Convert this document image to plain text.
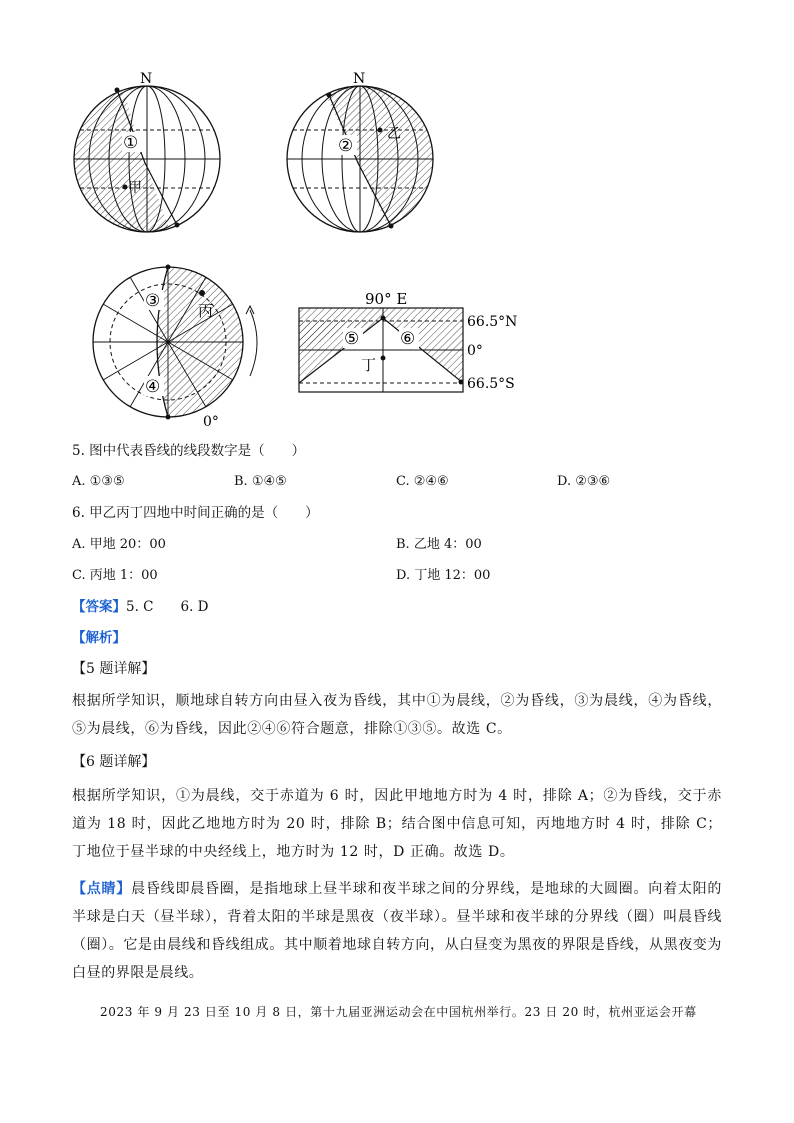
N
①
甲
N
②
乙
③	丙
④
0°
90° E
66.5°N
0°
66.5°S
⑤ ⑥
丁
5. 图中代表昏线的线段数字是（　　）
A. ①③⑤	B. ①④⑤	C. ②④⑥	D. ②③⑥
6. 甲乙丙丁四地中时间正确的是（　　）
A. 甲地 20：00	B. 乙地 4：00
C. 丙地 1：00	D. 丁地 12：00
【答案】5. C　　6. D
【解析】
【5 题详解】
根据所学知识，顺地球自转方向由昼入夜为昏线，其中①为晨线，②为昏线，③为晨线，④为昏线，⑤为晨线，⑥为昏线，因此②④⑥符合题意，排除①③⑤。故选 C。
【6 题详解】
根据所学知识，①为晨线，交于赤道为 6 时，因此甲地地方时为 4 时，排除 A；②为昏线，交于赤道为 18 时，因此乙地地方时为 20 时，排除 B；结合图中信息可知，丙地地方时 4 时，排除 C；丁地位于昼半球的中央经线上，地方时为 12 时，D 正确。故选 D。
【点睛】晨昏线即晨昏圈，是指地球上昼半球和夜半球之间的分界线，是地球的大圆圈。向着太阳的半球是白天（昼半球），背着太阳的半球是黑夜（夜半球）。昼半球和夜半球的分界线（圈）叫晨昏线（圈）。它是由晨线和昏线组成。其中顺着地球自转方向，从白昼变为黑夜的界限是昏线，从黑夜变为白昼的界限是晨线。
2023 年 9 月 23 日至 10 月 8 日，第十九届亚洲运动会在中国杭州举行。23 日 20 时，杭州亚运会开幕
